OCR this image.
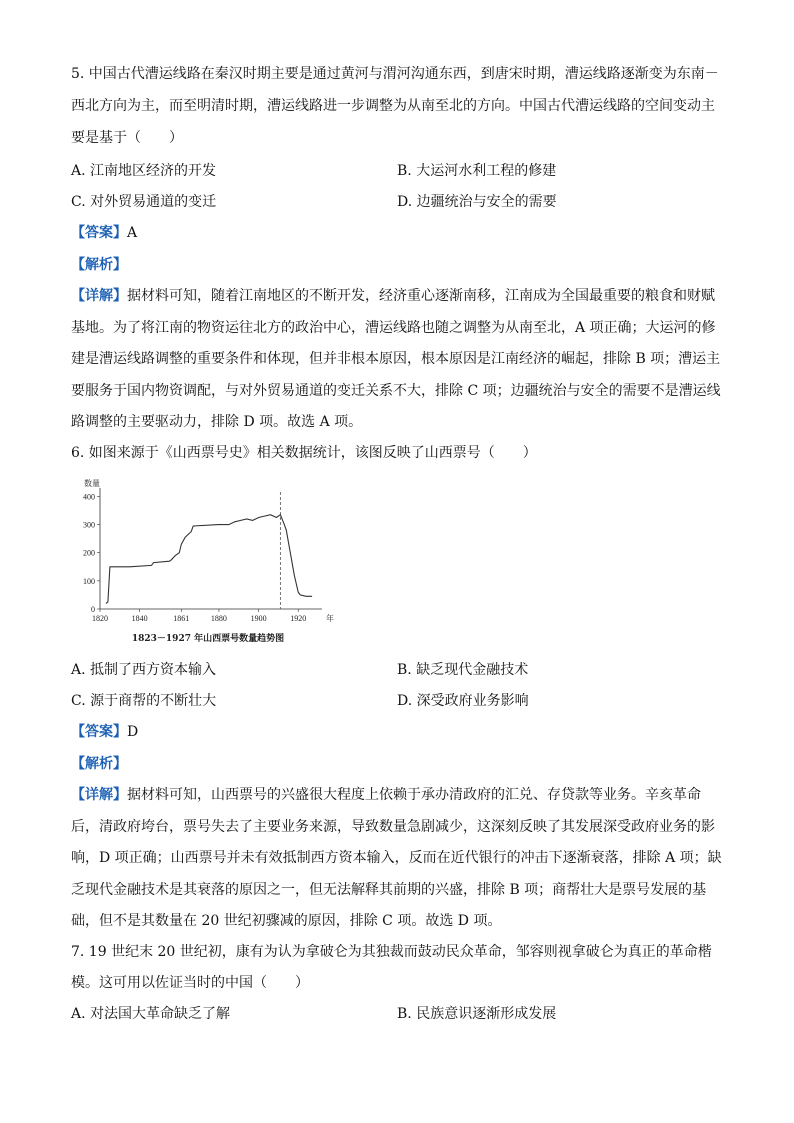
5. 中国古代漕运线路在秦汉时期主要是通过黄河与渭河沟通东西，到唐宋时期，漕运线路逐渐变为东南－
西北方向为主，而至明清时期，漕运线路进一步调整为从南至北的方向。中国古代漕运线路的空间变动主
要是基于（　　）
A. 江南地区经济的开发	B. 大运河水利工程的修建
C. 对外贸易通道的变迁	D. 边疆统治与安全的需要
【答案】A
【解析】
【详解】据材料可知，随着江南地区的不断开发，经济重心逐渐南移，江南成为全国最重要的粮食和财赋
基地。为了将江南的物资运往北方的政治中心，漕运线路也随之调整为从南至北，A 项正确；大运河的修
建是漕运线路调整的重要条件和体现，但并非根本原因，根本原因是江南经济的崛起，排除 B 项；漕运主
要服务于国内物资调配，与对外贸易通道的变迁关系不大，排除 C 项；边疆统治与安全的需要不是漕运线
路调整的主要驱动力，排除 D 项。故选 A 项。
6. 如图来源于《山西票号史》相关数据统计，该图反映了山西票号（　　）
0
100
200
300
400
1820	1840	1861	1880	1900	1920
数量
年
1823－1927 年山西票号数量趋势图
A. 抵制了西方资本输入	B. 缺乏现代金融技术
C. 源于商帮的不断壮大	D. 深受政府业务影响
【答案】D
【解析】
【详解】据材料可知，山西票号的兴盛很大程度上依赖于承办清政府的汇兑、存贷款等业务。辛亥革命
后，清政府垮台，票号失去了主要业务来源，导致数量急剧减少，这深刻反映了其发展深受政府业务的影
响，D 项正确；山西票号并未有效抵制西方资本输入，反而在近代银行的冲击下逐渐衰落，排除 A 项；缺
乏现代金融技术是其衰落的原因之一，但无法解释其前期的兴盛，排除 B 项；商帮壮大是票号发展的基
础，但不是其数量在 20 世纪初骤减的原因，排除 C 项。故选 D 项。
7. 19 世纪末 20 世纪初，康有为认为拿破仑为其独裁而鼓动民众革命，邹容则视拿破仑为真正的革命楷
模。这可用以佐证当时的中国（　　）
A. 对法国大革命缺乏了解	B. 民族意识逐渐形成发展
